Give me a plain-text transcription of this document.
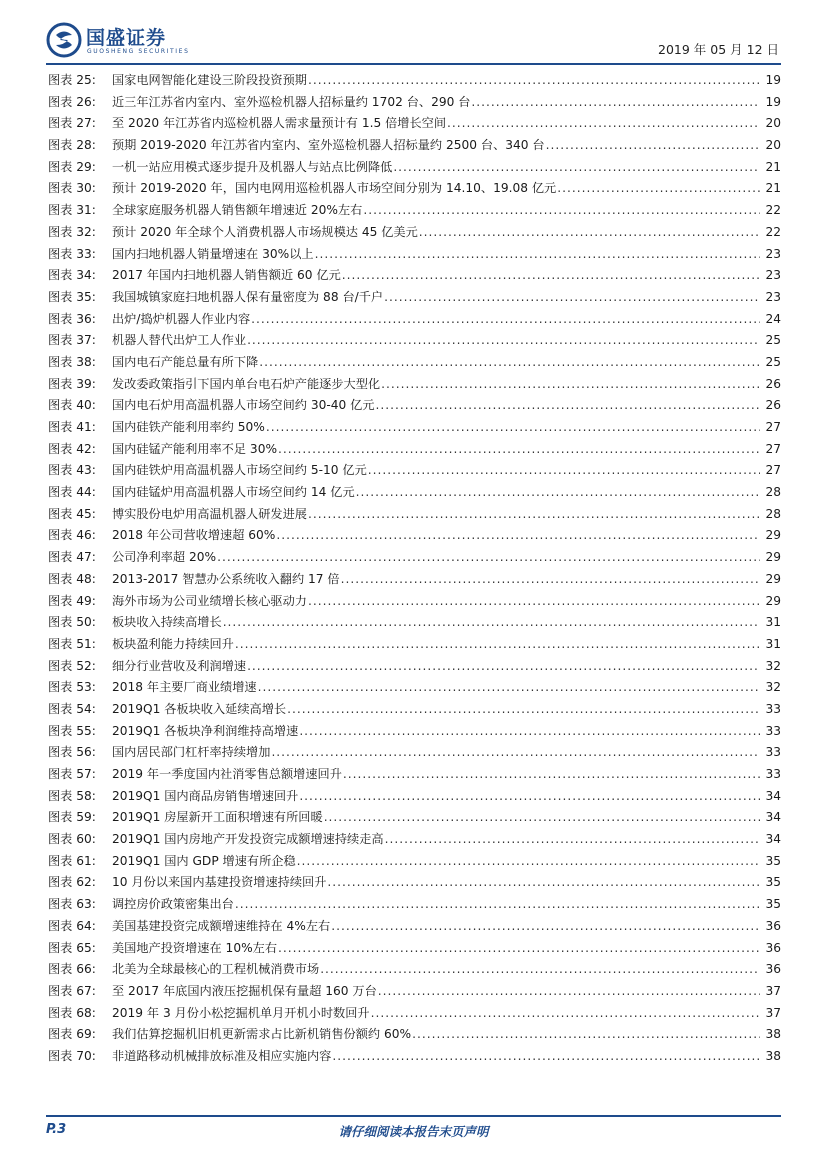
国盛证券
GUOSHENG SECURITIES	2019 年 05 月 12 日
图表 25:	国家电网智能化建设三阶段投资预期 .....	19
图表 26:	近三年江苏省内室内、室外巡检机器人招标量约 1702 台、290 台 .....	19
图表 27:	至 2020 年江苏省内巡检机器人需求量预计有 1.5 倍增长空间 .....	20
图表 28:	预期 2019-2020 年江苏省内室内、室外巡检机器人招标量约 2500 台、340 台 .....	20
图表 29:	一机一站应用模式逐步提升及机器人与站点比例降低 .....	21
图表 30:	预计 2019-2020 年，国内电网用巡检机器人市场空间分别为 14.10、19.08 亿元 .....	21
图表 31:	全球家庭服务机器人销售额年增速近 20%左右 .....	22
图表 32:	预计 2020 年全球个人消费机器人市场规模达 45 亿美元 .....	22
图表 33:	国内扫地机器人销量增速在 30%以上 .....	23
图表 34:	2017 年国内扫地机器人销售额近 60 亿元 .....	23
图表 35:	我国城镇家庭扫地机器人保有量密度为 88 台/千户 .....	23
图表 36:	出炉/捣炉机器人作业内容 .....	24
图表 37:	机器人替代出炉工人作业 .....	25
图表 38:	国内电石产能总量有所下降 .....	25
图表 39:	发改委政策指引下国内单台电石炉产能逐步大型化 .....	26
图表 40:	国内电石炉用高温机器人市场空间约 30-40 亿元 .....	26
图表 41:	国内硅铁产能利用率约 50% .....	27
图表 42:	国内硅锰产能利用率不足 30% .....	27
图表 43:	国内硅铁炉用高温机器人市场空间约 5-10 亿元 .....	27
图表 44:	国内硅锰炉用高温机器人市场空间约 14 亿元 .....	28
图表 45:	博实股份电炉用高温机器人研发进展 .....	28
图表 46:	2018 年公司营收增速超 60% .....	29
图表 47:	公司净利率超 20% .....	29
图表 48:	2013-2017 智慧办公系统收入翻约 17 倍 .....	29
图表 49:	海外市场为公司业绩增长核心驱动力 .....	29
图表 50:	板块收入持续高增长 .....	31
图表 51:	板块盈利能力持续回升 .....	31
图表 52:	细分行业营收及利润增速 .....	32
图表 53:	2018 年主要厂商业绩增速 .....	32
图表 54:	2019Q1 各板块收入延续高增长 .....	33
图表 55:	2019Q1 各板块净利润维持高增速 .....	33
图表 56:	国内居民部门杠杆率持续增加 .....	33
图表 57:	2019 年一季度国内社消零售总额增速回升 .....	33
图表 58:	2019Q1 国内商品房销售增速回升 .....	34
图表 59:	2019Q1 房屋新开工面积增速有所回暖 .....	34
图表 60:	2019Q1 国内房地产开发投资完成额增速持续走高 .....	34
图表 61:	2019Q1 国内 GDP 增速有所企稳 .....	35
图表 62:	10 月份以来国内基建投资增速持续回升 .....	35
图表 63:	调控房价政策密集出台 .....	35
图表 64:	美国基建投资完成额增速维持在 4%左右 .....	36
图表 65:	美国地产投资增速在 10%左右 .....	36
图表 66:	北美为全球最核心的工程机械消费市场 .....	36
图表 67:	至 2017 年底国内液压挖掘机保有量超 160 万台 .....	37
图表 68:	2019 年 3 月份小松挖掘机单月开机小时数回升 .....	37
图表 69:	我们估算挖掘机旧机更新需求占比新机销售份额约 60% .....	38
图表 70:	非道路移动机械排放标准及相应实施内容 .....	38
P.3	请仔细阅读本报告末页声明
